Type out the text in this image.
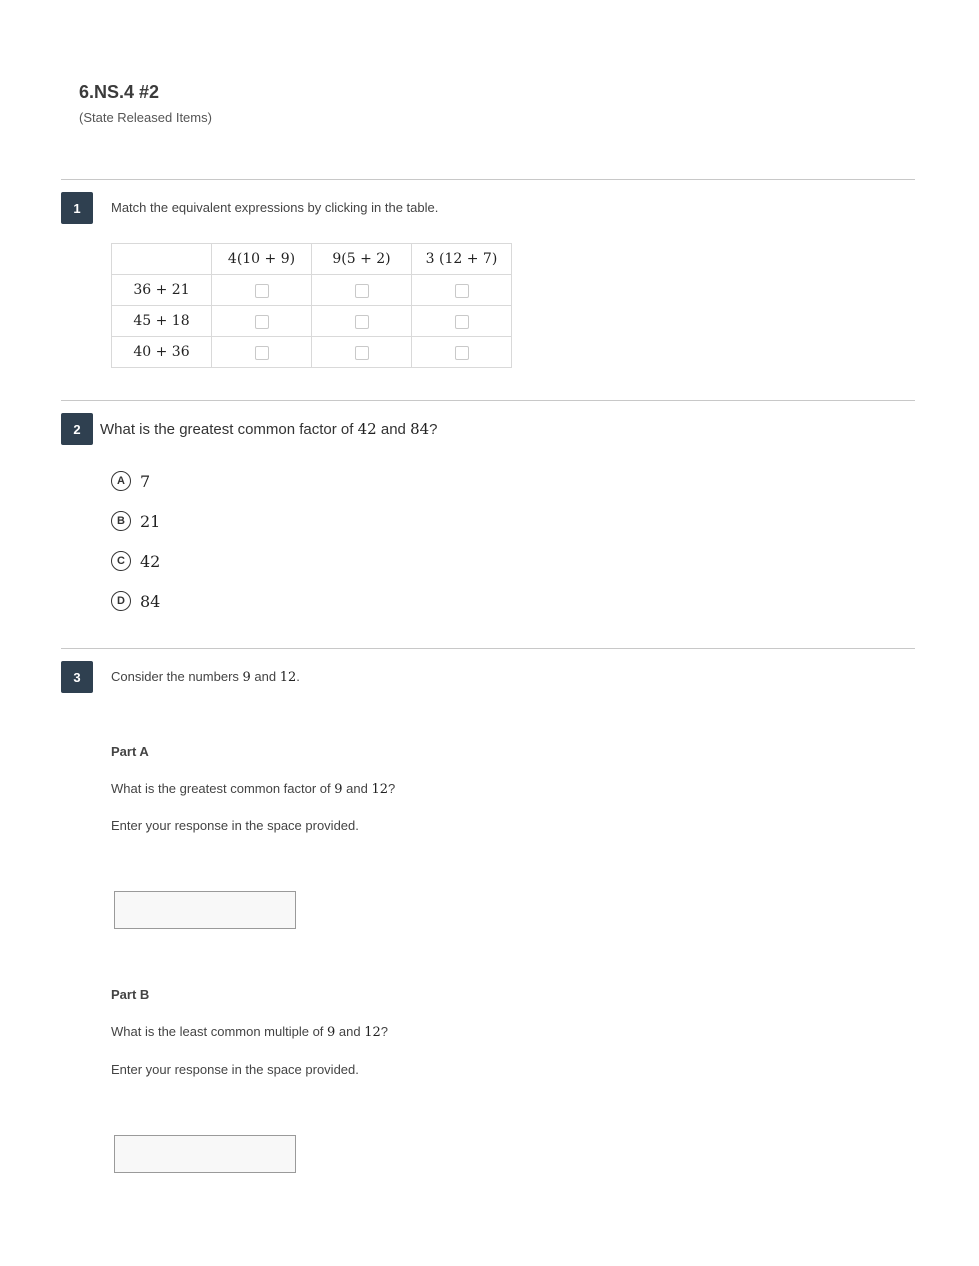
6.NS.4 #2
(State Released Items)
1	Match the equivalent expressions by clicking in the table.
	4(10 + 9)	9(5 + 2)	3 (12 + 7)
36 + 21			
45 + 18			
40 + 36			
2	What is the greatest common factor of 42 and 84?
A 7
B 21
C 42
D 84
3	Consider the numbers 9 and 12.
Part A
What is the greatest common factor of 9 and 12?
Enter your response in the space provided.
Part B
What is the least common multiple of 9 and 12?
Enter your response in the space provided.
